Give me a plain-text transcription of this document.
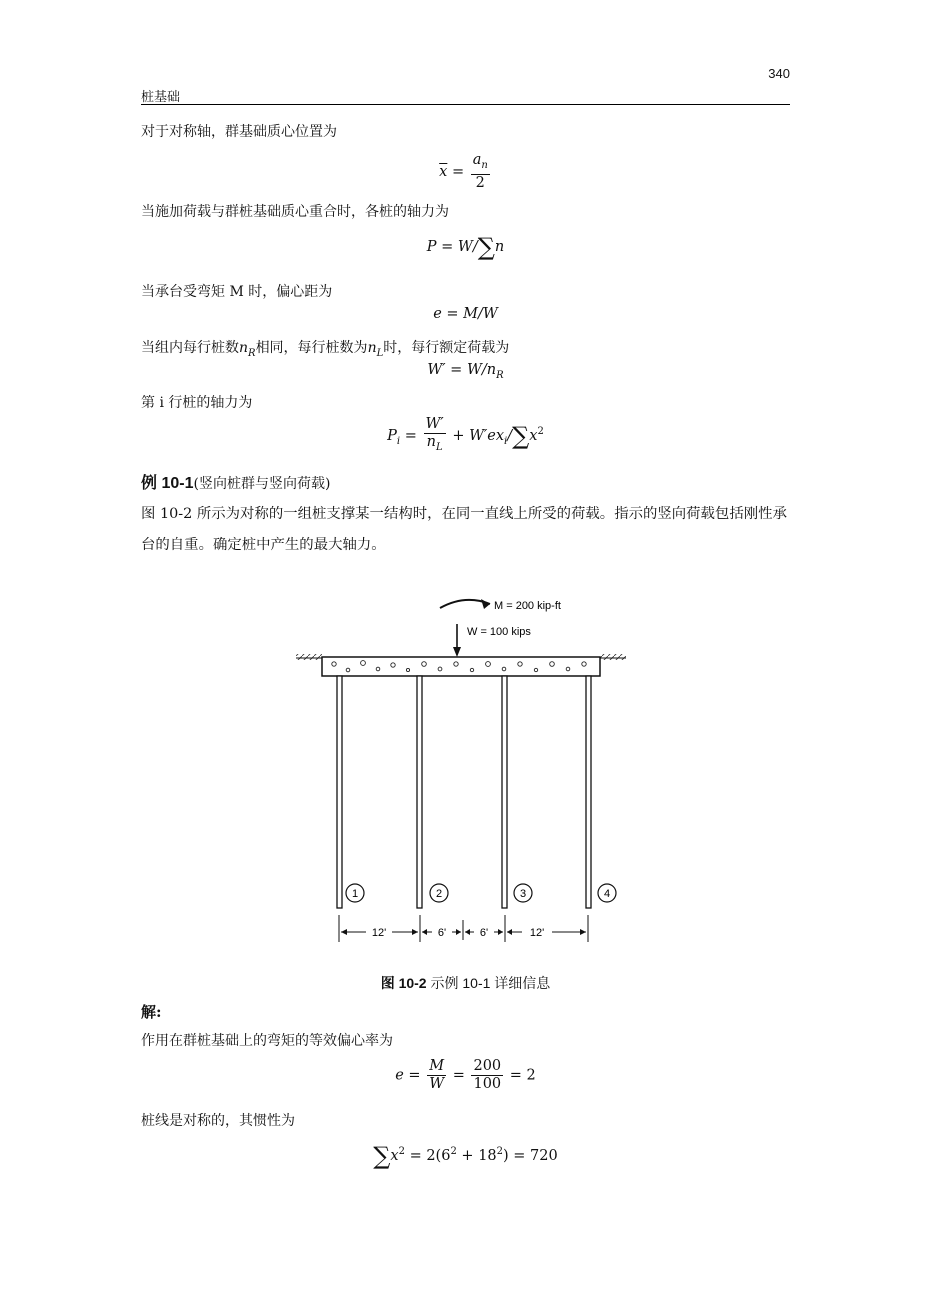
340
桩基础
对于对称轴，群基础质心位置为
$\overline{x} = \frac{a_n}{2}$
当施加荷载与群桩基础质心重合时，各桩的轴力为
P = W/∑n
当承台受弯矩 M 时，偏心距为
e = M/W
当组内每行桩数$n_R$相同，每行桩数为$n_L$时，每行额定荷载为
$W' = W/n_R$
第 i 行桩的轴力为
$P_i = \frac{W'}{n_L} + W'ex_i/\sum x^2$
例 10-1(竖向桩群与竖向荷载)
图 10-2 所示为对称的一组桩支撑某一结构时，在同一直线上所受的荷载。指示的竖向荷载包括刚性承台的自重。确定桩中产生的最大轴力。
M = 200 kip-ft
W = 100 kips
1	2	3	4
12'	6'	6'	12'
图 10-2 示例 10-1 详细信息
解:
作用在群桩基础上的弯矩的等效偏心率为
$e = \frac{M}{W} = \frac{200}{100} = 2$
桩线是对称的，其惯性为
$\sum x^2 = 2(6^2 + 18^2) = 720$
